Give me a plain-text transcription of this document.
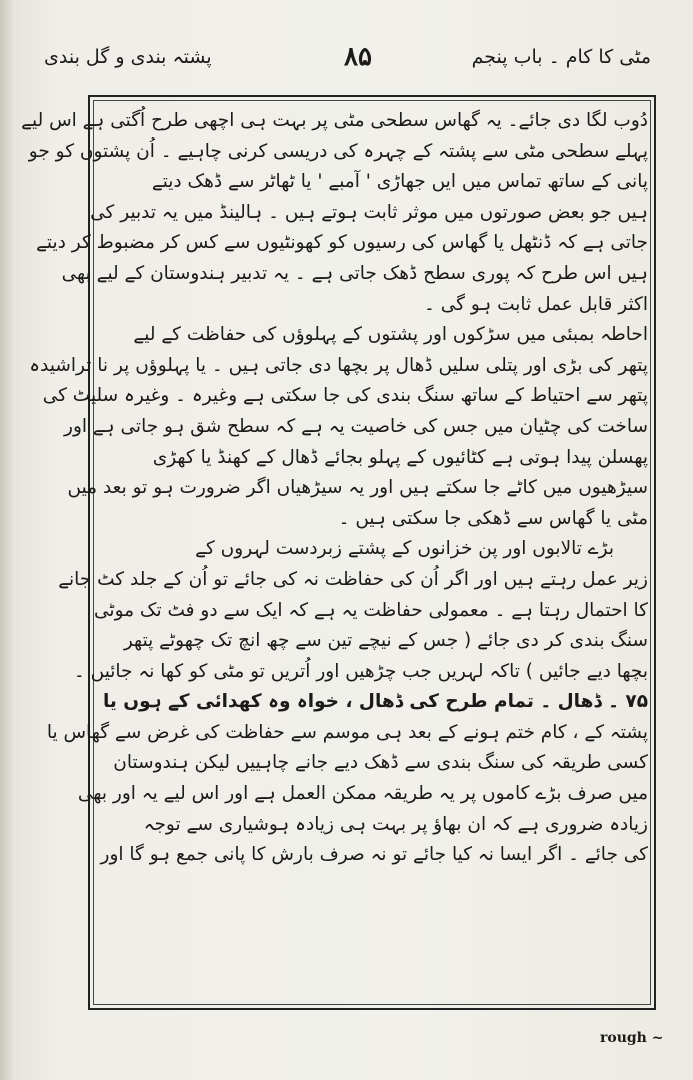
مٹی کا کام ۔ باب پنجم
۸۵
پشتہ بندی و گل بندی
دُوب لگا دی جائے۔ یہ گھاس سطحی مٹی پر بہت ہی اچھی طرح اُگتی ہے اس لیے
پہلے سطحی مٹی سے پشتہ کے چہرہ کی دریسی کرنی چاہیے ۔ اُن پشتوں کو جو
پانی کے ساتھ تماس میں ایں جھاڑی ' آمبے ' یا ٹھاٹر سے ڈھک دیتے
ہیں جو بعض صورتوں میں موثر ثابت ہوتے ہیں ۔ ہالینڈ میں یہ تدبیر کی
جاتی ہے کہ ڈنٹھل یا گھاس کی رسیوں کو کھونٹیوں سے کس کر مضبوط کر دیتے
ہیں اس طرح کہ پوری سطح ڈھک جاتی ہے ۔ یہ تدبیر ہندوستان کے لیے بھی
اکثر قابل عمل ثابت ہو گی ۔
احاطہ بمبئی میں سڑکوں اور پشتوں کے پہلوؤں کی حفاظت کے لیے
پتھر کی بڑی اور پتلی سلیں ڈھال پر بچھا دی جاتی ہیں ۔ یا پہلوؤں پر نا تراشیدہ
پتھر سے احتیاط کے ساتھ سنگ بندی کی جا سکتی ہے وغیرہ ۔ وغیرہ سلیٹ کی
ساخت کی چٹیان میں جس کی خاصیت یہ ہے کہ سطح شق ہو جاتی ہے اور
پھسلن پیدا ہوتی ہے کٹائیوں کے پہلو بجائے ڈھال کے کھنڈ یا کھڑی
سیڑھیوں میں کاٹے جا سکتے ہیں اور یہ سیڑھیاں اگر ضرورت ہو تو بعد میں
مٹی یا گھاس سے ڈھکی جا سکتی ہیں ۔
بڑے تالابوں اور پن خزانوں کے پشتے زبردست لہروں کے
زیر عمل رہتے ہیں اور اگر اُن کی حفاظت نہ کی جائے تو اُن کے جلد کٹ جانے
کا احتمال رہتا ہے ۔ معمولی حفاظت یہ ہے کہ ایک سے دو فٹ تک موٹی
سنگ بندی کر دی جائے ( جس کے نیچے تین سے چھ انچ تک چھوٹے پتھر
بچھا دیے جائیں ) تاکہ لہریں جب چڑھیں اور اُتریں تو مٹی کو کھا نہ جائیں ۔
۷۵ ۔ ڈھال ۔ تمام طرح کی ڈھال ، خواہ وہ کھدائی کے ہوں یا
پشتہ کے ، کام ختم ہونے کے بعد ہی موسم سے حفاظت کی غرض سے گھاس یا
کسی طریقہ کی سنگ بندی سے ڈھک دیے جانے چاہییں لیکن ہندوستان
میں صرف بڑے کاموں پر یہ طریقہ ممکن العمل ہے اور اس لیے یہ اور بھی
زیادہ ضروری ہے کہ ان بھاؤ پر بہت ہی زیادہ ہوشیاری سے توجہ
کی جائے ۔ اگر ایسا نہ کیا جائے تو نہ صرف بارش کا پانی جمع ہو گا اور
rough ~
